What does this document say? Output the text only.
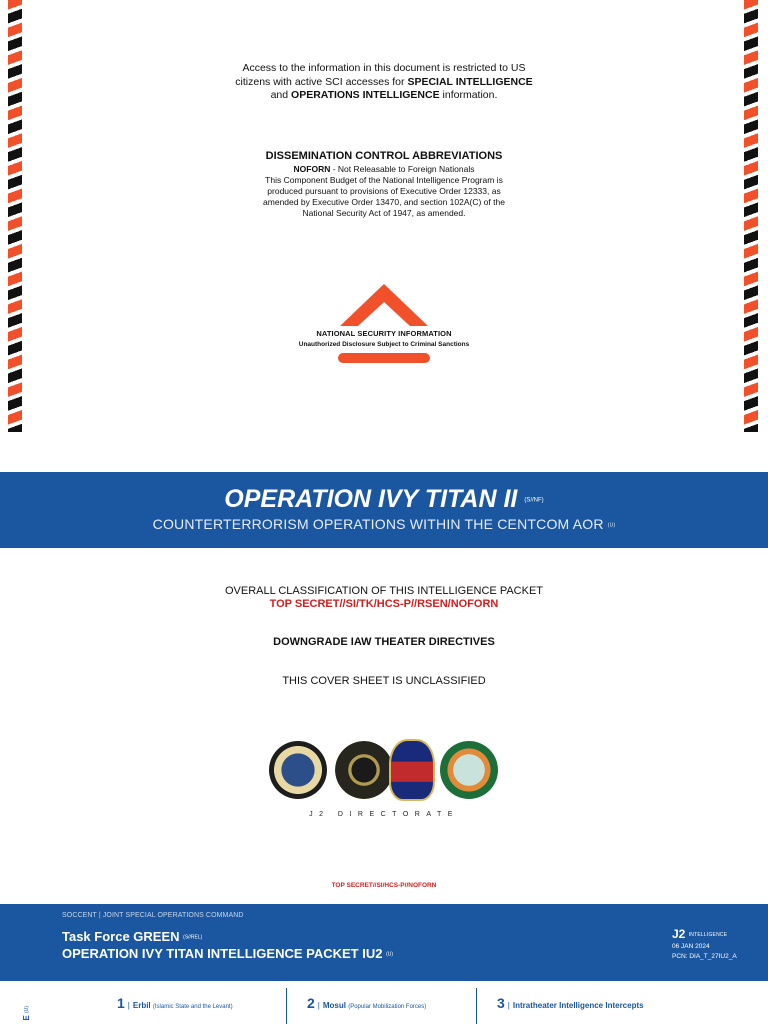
Access to the information in this document is restricted to US
citizens with active SCI accesses for SPECIAL INTELLIGENCE
and OPERATIONS INTELLIGENCE information.
DISSEMINATION CONTROL ABBREVIATIONS
NOFORN - Not Releasable to Foreign Nationals
This Component Budget of the National Intelligence Program is
produced pursuant to provisions of Executive Order 12333, as
amended by Executive Order 13470, and section 102A(C) of the
National Security Act of 1947, as amended.
NATIONAL SECURITY INFORMATION
Unauthorized Disclosure Subject to Criminal Sanctions
OPERATION IVY TITAN II (S//NF)
COUNTERTERRORISM OPERATIONS WITHIN THE CENTCOM AOR (U)
OVERALL CLASSIFICATION OF THIS INTELLIGENCE PACKET
TOP SECRET//SI/TK/HCS-P//RSEN/NOFORN
DOWNGRADE IAW THEATER DIRECTIVES
THIS COVER SHEET IS UNCLASSIFIED
J2 DIRECTORATE
TOP SECRET//SI/HCS-P//NOFORN
SOCCENT | JOINT SPECIAL OPERATIONS COMMAND
Task Force GREEN (S//REL)
OPERATION IVY TITAN INTELLIGENCE PACKET IU2 (U)
J2 INTELLIGENCE
06 JAN 2024
PCN: DIA_T_27IU2_A
E (U)	1 | Erbil (Islamic State and the Levant)	2 | Mosul (Popular Mobilization Forces)	3 | Intratheater Intelligence Intercepts
